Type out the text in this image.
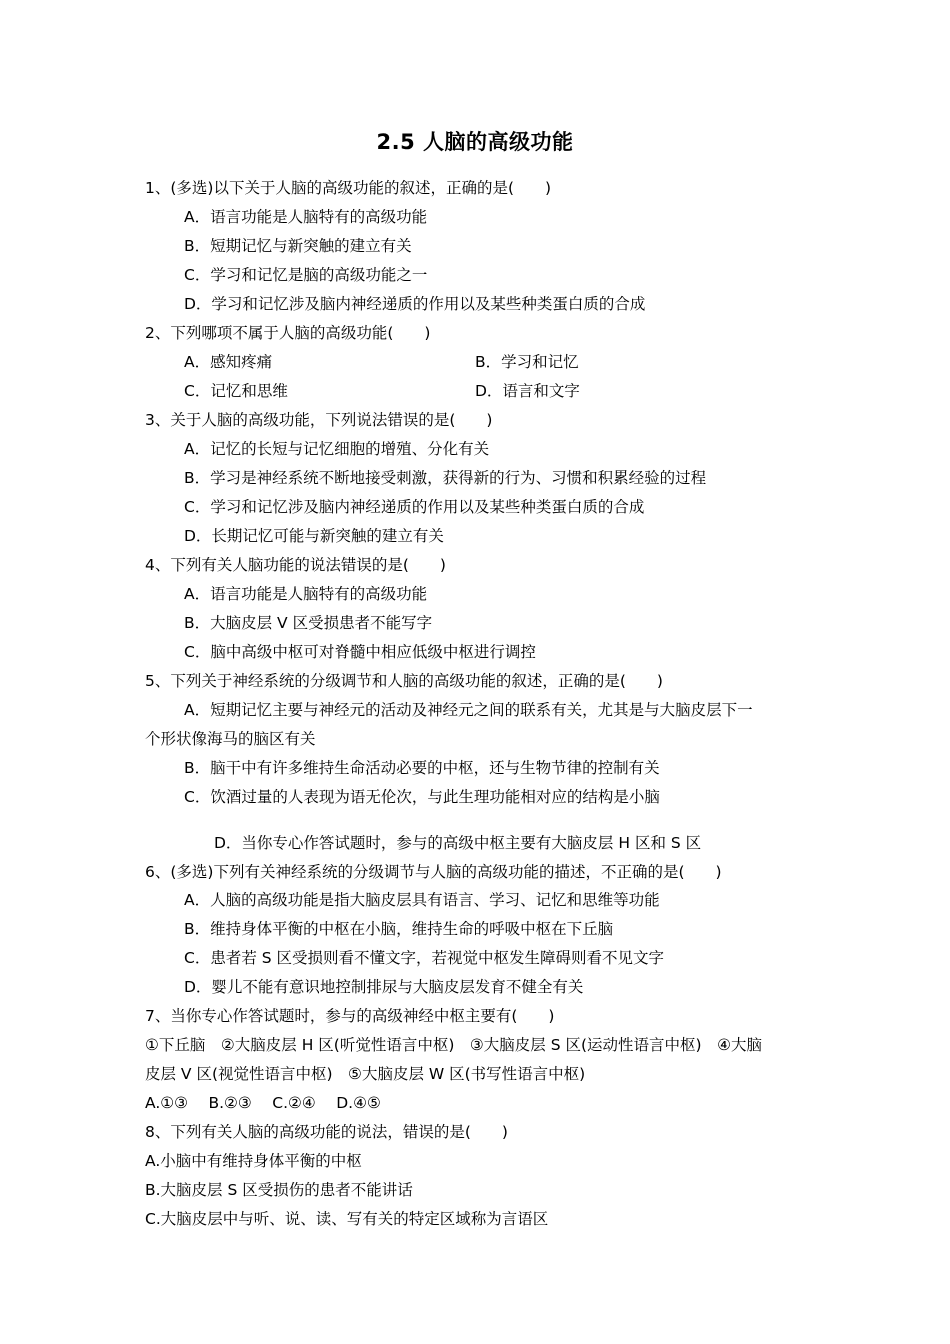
2.5 人脑的高级功能
1、(多选)以下关于人脑的高级功能的叙述，正确的是(　　)
A．语言功能是人脑特有的高级功能
B．短期记忆与新突触的建立有关
C．学习和记忆是脑的高级功能之一
D．学习和记忆涉及脑内神经递质的作用以及某些种类蛋白质的合成
2、下列哪项不属于人脑的高级功能(　　)
A．感知疼痛	B．学习和记忆
C．记忆和思维	D．语言和文字
3、关于人脑的高级功能，下列说法错误的是(　　)
A．记忆的长短与记忆细胞的增殖、分化有关
B．学习是神经系统不断地接受刺激，获得新的行为、习惯和积累经验的过程
C．学习和记忆涉及脑内神经递质的作用以及某些种类蛋白质的合成
D．长期记忆可能与新突触的建立有关
4、下列有关人脑功能的说法错误的是(　　)
A．语言功能是人脑特有的高级功能
B．大脑皮层 V 区受损患者不能写字
C．脑中高级中枢可对脊髓中相应低级中枢进行调控
5、下列关于神经系统的分级调节和人脑的高级功能的叙述，正确的是(　　)
A．短期记忆主要与神经元的活动及神经元之间的联系有关，尤其是与大脑皮层下一
个形状像海马的脑区有关
B．脑干中有许多维持生命活动必要的中枢，还与生物节律的控制有关
C．饮酒过量的人表现为语无伦次，与此生理功能相对应的结构是小脑
D．当你专心作答试题时，参与的高级中枢主要有大脑皮层 H 区和 S 区
6、(多选)下列有关神经系统的分级调节与人脑的高级功能的描述，不正确的是(　　)
A．人脑的高级功能是指大脑皮层具有语言、学习、记忆和思维等功能
B．维持身体平衡的中枢在小脑，维持生命的呼吸中枢在下丘脑
C．患者若 S 区受损则看不懂文字，若视觉中枢发生障碍则看不见文字
D．婴儿不能有意识地控制排尿与大脑皮层发育不健全有关
7、当你专心作答试题时，参与的高级神经中枢主要有(　　)
①下丘脑　②大脑皮层 H 区(听觉性语言中枢)　③大脑皮层 S 区(运动性语言中枢)　④大脑
皮层 V 区(视觉性语言中枢)　⑤大脑皮层 W 区(书写性语言中枢)
A.①③　 B.②③　 C.②④　 D.④⑤
8、下列有关人脑的高级功能的说法，错误的是(　　)
A.小脑中有维持身体平衡的中枢
B.大脑皮层 S 区受损伤的患者不能讲话
C.大脑皮层中与听、说、读、写有关的特定区域称为言语区
